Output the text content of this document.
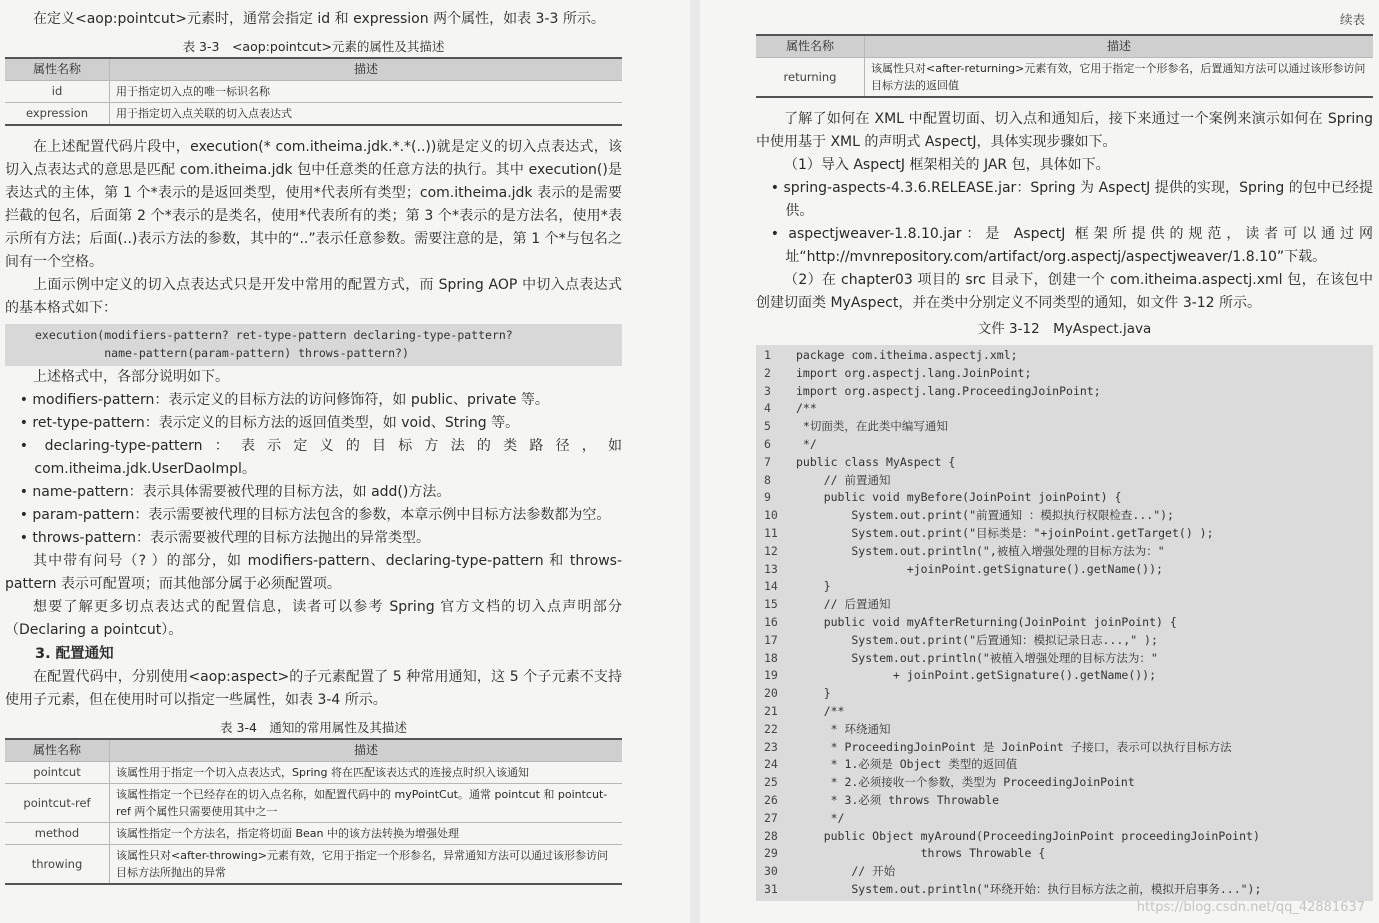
在定义<aop:pointcut>元素时，通常会指定 id 和 expression 两个属性，如表 3-3 所示。

表 3-3　<aop:pointcut>元素的属性及其描述
属性名称	描述
id	用于指定切入点的唯一标识名称
expression	用于指定切入点关联的切入点表达式

在上述配置代码片段中，execution(* com.itheima.jdk.*.*(..))就是定义的切入点表达式，该切入点表达式的意思是匹配 com.itheima.jdk 包中任意类的任意方法的执行。其中 execution()是表达式的主体，第 1 个*表示的是返回类型，使用*代表所有类型；com.itheima.jdk 表示的是需要拦截的包名，后面第 2 个*表示的是类名，使用*代表所有的类；第 3 个*表示的是方法名，使用*表示所有方法；后面(..)表示方法的参数，其中的“..”表示任意参数。需要注意的是，第 1 个*与包名之间有一个空格。

上面示例中定义的切入点表达式只是开发中常用的配置方式，而 Spring AOP 中切入点表达式的基本格式如下：

execution(modifiers-pattern? ret-type-pattern declaring-type-pattern?
name-pattern(param-pattern) throws-pattern?)

上述格式中，各部分说明如下。

• modifiers-pattern：表示定义的目标方法的访问修饰符，如 public、private 等。

• ret-type-pattern：表示定义的目标方法的返回值类型，如 void、String 等。

• declaring-type-pattern：表示定义的目标方法的类路径，如 com.itheima.jdk.UserDaoImpl。

• name-pattern：表示具体需要被代理的目标方法，如 add()方法。

• param-pattern：表示需要被代理的目标方法包含的参数，本章示例中目标方法参数都为空。

• throws-pattern：表示需要被代理的目标方法抛出的异常类型。

其中带有问号（? ）的部分，如 modifiers-pattern、declaring-type-pattern 和 throws-pattern 表示可配置项；而其他部分属于必须配置项。

想要了解更多切点表达式的配置信息，读者可以参考 Spring 官方文档的切入点声明部分（Declaring a pointcut）。

3. 配置通知

在配置代码中，分别使用<aop:aspect>的子元素配置了 5 种常用通知，这 5 个子元素不支持使用子元素，但在使用时可以指定一些属性，如表 3-4 所示。

表 3-4　通知的常用属性及其描述
属性名称	描述
pointcut	该属性用于指定一个切入点表达式，Spring 将在匹配该表达式的连接点时织入该通知
pointcut-ref	该属性指定一个已经存在的切入点名称，如配置代码中的 myPointCut。通常 pointcut 和 pointcut-ref 两个属性只需要使用其中之一
method	该属性指定一个方法名，指定将切面 Bean 中的该方法转换为增强处理
throwing	该属性只对<after-throwing>元素有效，它用于指定一个形参名，异常通知方法可以通过该形参访问目标方法所抛出的异常
续表
属性名称	描述
returning	该属性只对<after-returning>元素有效，它用于指定一个形参名，后置通知方法可以通过该形参访问目标方法的返回值

了解了如何在 XML 中配置切面、切入点和通知后，接下来通过一个案例来演示如何在 Spring 中使用基于 XML 的声明式 AspectJ，具体实现步骤如下。

（1）导入 AspectJ 框架相关的 JAR 包，具体如下。

• spring-aspects-4.3.6.RELEASE.jar：Spring 为 AspectJ 提供的实现，Spring 的包中已经提供。

• aspectjweaver-1.8.10.jar：是 AspectJ 框架所提供的规范，读者可以通过网址“http://mvnrepository.com/artifact/org.aspectj/aspectjweaver/1.8.10”下载。

（2）在 chapter03 项目的 src 目录下，创建一个 com.itheima.aspectj.xml 包，在该包中创建切面类 MyAspect，并在类中分别定义不同类型的通知，如文件 3-12 所示。

文件 3-12　MyAspect.java
1	package com.itheima.aspectj.xml;
2	import org.aspectj.lang.JoinPoint;
3	import org.aspectj.lang.ProceedingJoinPoint;
4	/**
5	*切面类，在此类中编写通知
6	*/
7	public class MyAspect {
8	// 前置通知
9	public void myBefore(JoinPoint joinPoint) {
10	System.out.print("前置通知 ：模拟执行权限检查...");
11	System.out.print("目标类是："+joinPoint.getTarget() );
12	System.out.println(",被植入增强处理的目标方法为："
13	+joinPoint.getSignature().getName());
14	}
15	// 后置通知
16	public void myAfterReturning(JoinPoint joinPoint) {
17	System.out.print("后置通知：模拟记录日志...," );
18	System.out.println("被植入增强处理的目标方法为："
19	+ joinPoint.getSignature().getName());
20	}
21	/**
22	* 环绕通知
23	* ProceedingJoinPoint 是 JoinPoint 子接口，表示可以执行目标方法
24	* 1.必须是 Object 类型的返回值
25	* 2.必须接收一个参数，类型为 ProceedingJoinPoint
26	* 3.必须 throws Throwable
27	*/
28	public Object myAround(ProceedingJoinPoint proceedingJoinPoint)
29	throws Throwable {
30	// 开始
31	System.out.println("环绕开始：执行目标方法之前，模拟开启事务...");
https://blog.csdn.net/qq_42881637
